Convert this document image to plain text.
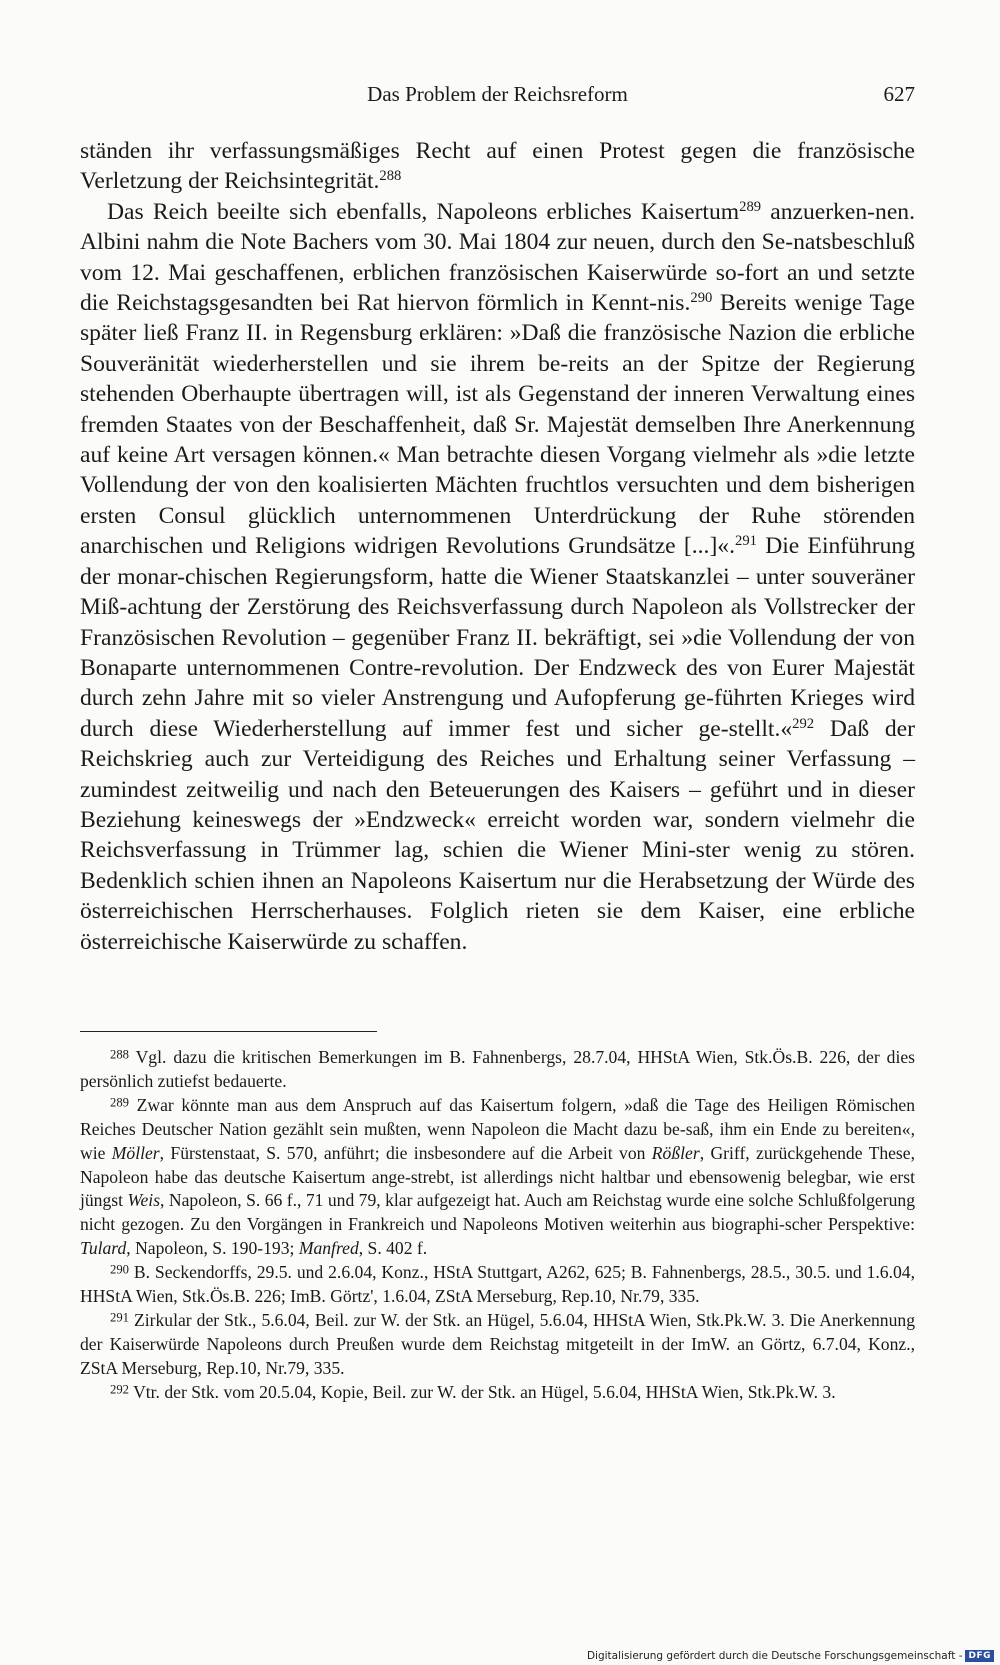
Das Problem der Reichsreform	627

ständen ihr verfassungsmäßiges Recht auf einen Protest gegen die französische Verletzung der Reichsintegrität.$^{288}$

Das Reich beeilte sich ebenfalls, Napoleons erbliches Kaisertum$^{289}$ anzuerken-nen. Albini nahm die Note Bachers vom 30. Mai 1804 zur neuen, durch den Se-natsbeschluß vom 12. Mai geschaffenen, erblichen französischen Kaiserwürde so-fort an und setzte die Reichstagsgesandten bei Rat hiervon förmlich in Kennt-nis.$^{290}$ Bereits wenige Tage später ließ Franz II. in Regensburg erklären: »Daß die französische Nazion die erbliche Souveränität wiederherstellen und sie ihrem be-reits an der Spitze der Regierung stehenden Oberhaupte übertragen will, ist als Gegenstand der inneren Verwaltung eines fremden Staates von der Beschaffenheit, daß Sr. Majestät demselben Ihre Anerkennung auf keine Art versagen können.« Man betrachte diesen Vorgang vielmehr als »die letzte Vollendung der von den koalisierten Mächten fruchtlos versuchten und dem bisherigen ersten Consul glücklich unternommenen Unterdrückung der Ruhe störenden anarchischen und Religions widrigen Revolutions Grundsätze [...]«.$^{291}$ Die Einführung der monar-chischen Regierungsform, hatte die Wiener Staatskanzlei – unter souveräner Miß-achtung der Zerstörung des Reichsverfassung durch Napoleon als Vollstrecker der Französischen Revolution – gegenüber Franz II. bekräftigt, sei »die Vollendung der von Bonaparte unternommenen Contre-revolution. Der Endzweck des von Eurer Majestät durch zehn Jahre mit so vieler Anstrengung und Aufopferung ge-führten Krieges wird durch diese Wiederherstellung auf immer fest und sicher ge-stellt.«$^{292}$ Daß der Reichskrieg auch zur Verteidigung des Reiches und Erhaltung seiner Verfassung – zumindest zeitweilig und nach den Beteuerungen des Kaisers – geführt und in dieser Beziehung keineswegs der »Endzweck« erreicht worden war, sondern vielmehr die Reichsverfassung in Trümmer lag, schien die Wiener Mini-ster wenig zu stören. Bedenklich schien ihnen an Napoleons Kaisertum nur die Herabsetzung der Würde des österreichischen Herrscherhauses. Folglich rieten sie dem Kaiser, eine erbliche österreichische Kaiserwürde zu schaffen.

$^{288}$ Vgl. dazu die kritischen Bemerkungen im B. Fahnenbergs, 28.7.04, HHStA Wien, Stk.Ös.B. 226, der dies persönlich zutiefst bedauerte.

$^{289}$ Zwar könnte man aus dem Anspruch auf das Kaisertum folgern, »daß die Tage des Heiligen Römischen Reiches Deutscher Nation gezählt sein mußten, wenn Napoleon die Macht dazu be-saß, ihm ein Ende zu bereiten«, wie Möller, Fürstenstaat, S. 570, anführt; die insbesondere auf die Arbeit von Rößler, Griff, zurückgehende These, Napoleon habe das deutsche Kaisertum ange-strebt, ist allerdings nicht haltbar und ebensowenig belegbar, wie erst jüngst Weis, Napoleon, S. 66 f., 71 und 79, klar aufgezeigt hat. Auch am Reichstag wurde eine solche Schlußfolgerung nicht gezogen. Zu den Vorgängen in Frankreich und Napoleons Motiven weiterhin aus biographi-scher Perspektive: Tulard, Napoleon, S. 190-193; Manfred, S. 402 f.

$^{290}$ B. Seckendorffs, 29.5. und 2.6.04, Konz., HStA Stuttgart, A262, 625; B. Fahnenbergs, 28.5., 30.5. und 1.6.04, HHStA Wien, Stk.Ös.B. 226; ImB. Görtz', 1.6.04, ZStA Merseburg, Rep.10, Nr.79, 335.

$^{291}$ Zirkular der Stk., 5.6.04, Beil. zur W. der Stk. an Hügel, 5.6.04, HHStA Wien, Stk.Pk.W. 3. Die Anerkennung der Kaiserwürde Napoleons durch Preußen wurde dem Reichstag mitgeteilt in der ImW. an Görtz, 6.7.04, Konz., ZStA Merseburg, Rep.10, Nr.79, 335.

$^{292}$ Vtr. der Stk. vom 20.5.04, Kopie, Beil. zur W. der Stk. an Hügel, 5.6.04, HHStA Wien, Stk.Pk.W. 3.

Digitalisierung gefördert durch die Deutsche Forschungsgemeinschaft - DFG
